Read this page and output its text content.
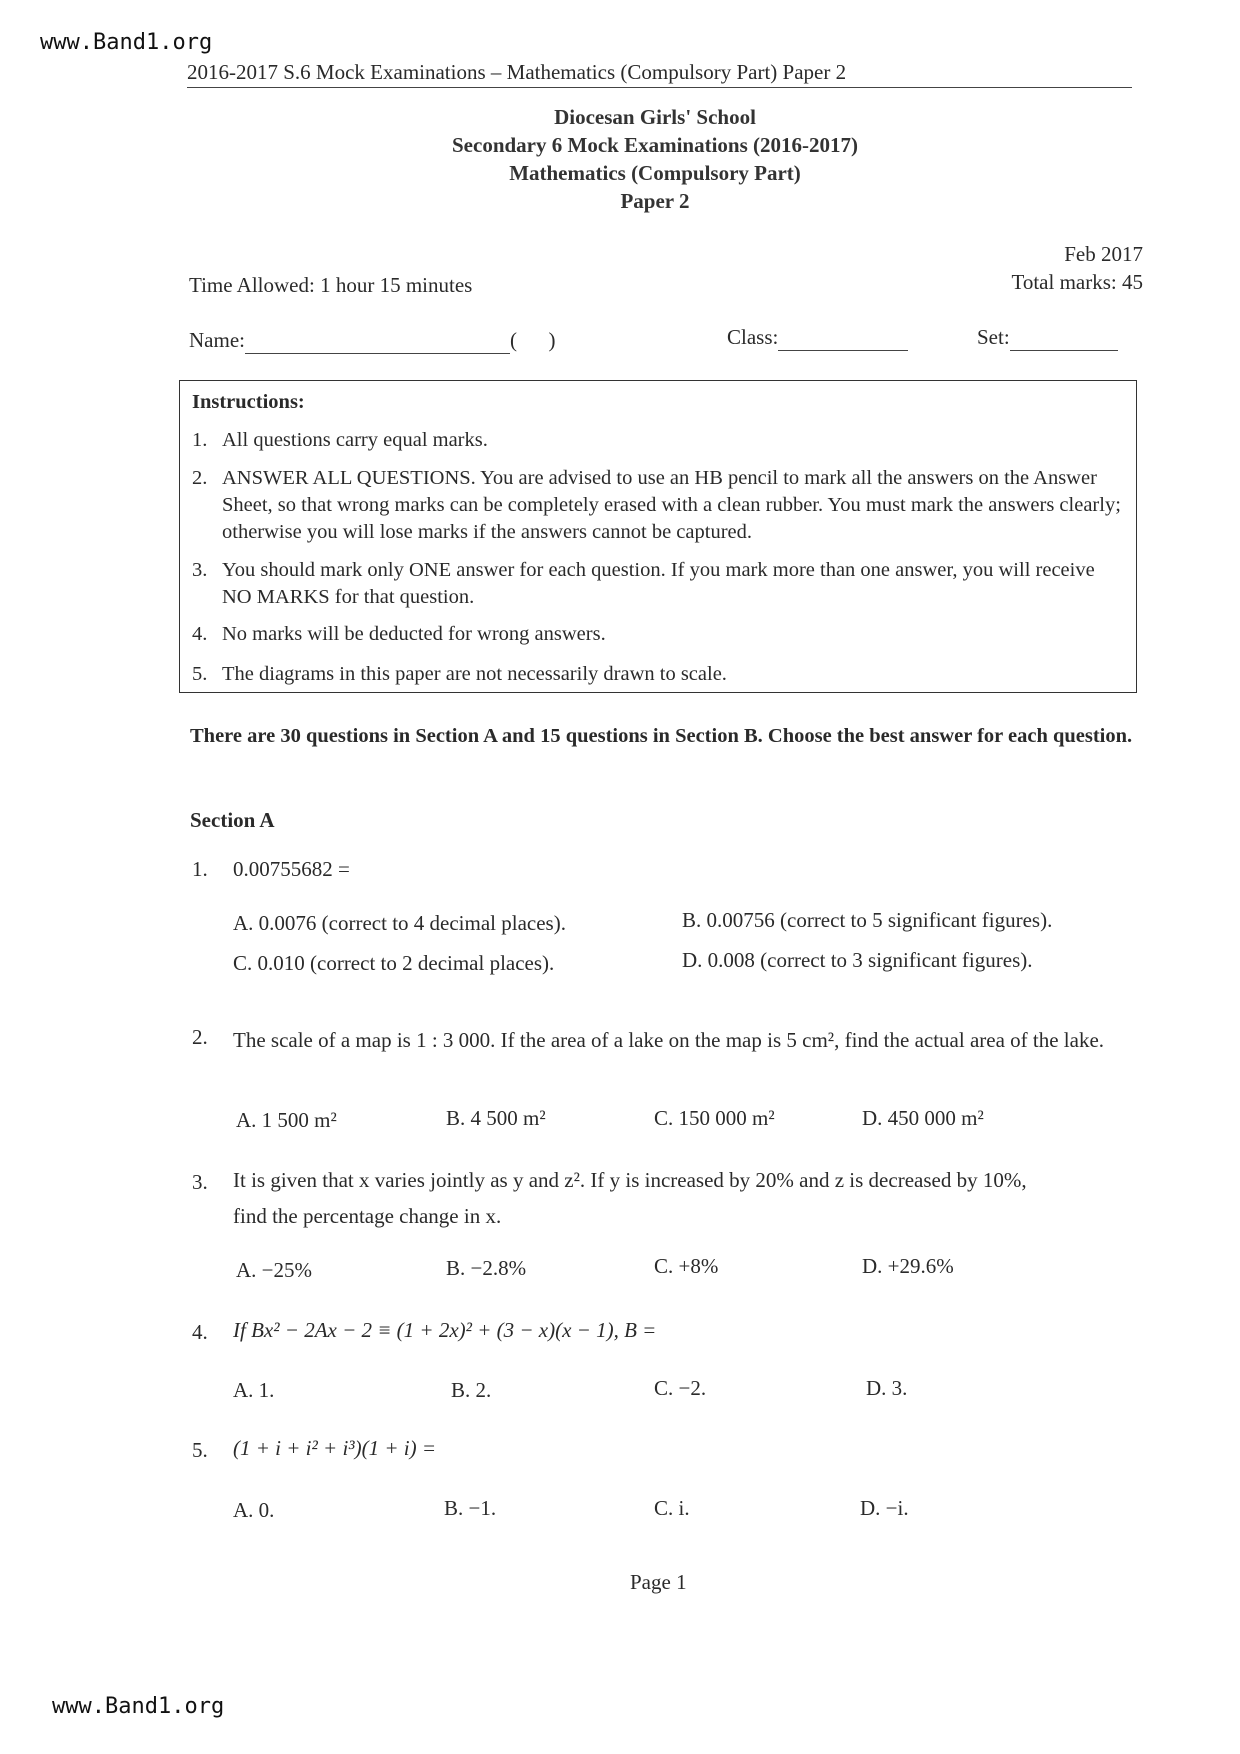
www.Band1.org
2016-2017 S.6 Mock Examinations – Mathematics (Compulsory Part) Paper 2
Diocesan Girls' School
Secondary 6 Mock Examinations (2016-2017)
Mathematics (Compulsory Part)
Paper 2
Feb 2017
Total marks: 45
Time Allowed: 1 hour 15 minutes
Name:	(      )	Class:	Set:
Instructions:
1. All questions carry equal marks.
2. ANSWER ALL QUESTIONS. You are advised to use an HB pencil to mark all the answers on the Answer Sheet, so that wrong marks can be completely erased with a clean rubber. You must mark the answers clearly; otherwise you will lose marks if the answers cannot be captured.
3. You should mark only ONE answer for each question. If you mark more than one answer, you will receive NO MARKS for that question.
4. No marks will be deducted for wrong answers.
5. The diagrams in this paper are not necessarily drawn to scale.
There are 30 questions in Section A and 15 questions in Section B. Choose the best answer for each question.
Section A
1. 0.00755682 =
A. 0.0076 (correct to 4 decimal places).	B. 0.00756 (correct to 5 significant figures).
C. 0.010 (correct to 2 decimal places).	D. 0.008 (correct to 3 significant figures).
2. The scale of a map is 1 : 3 000. If the area of a lake on the map is 5 cm², find the actual area of the lake.
A. 1 500 m²	B. 4 500 m²	C. 150 000 m²	D. 450 000 m²
3. It is given that x varies jointly as y and z². If y is increased by 20% and z is decreased by 10%,
find the percentage change in x.
A. −25%	B. −2.8%	C. +8%	D. +29.6%
4. If Bx² − 2Ax − 2 ≡ (1 + 2x)² + (3 − x)(x − 1), B =
A. 1.	B. 2.	C. −2.	D. 3.
5. (1 + i + i² + i³)(1 + i) =
A. 0.	B. −1.	C. i.	D. −i.
Page 1
www.Band1.org
